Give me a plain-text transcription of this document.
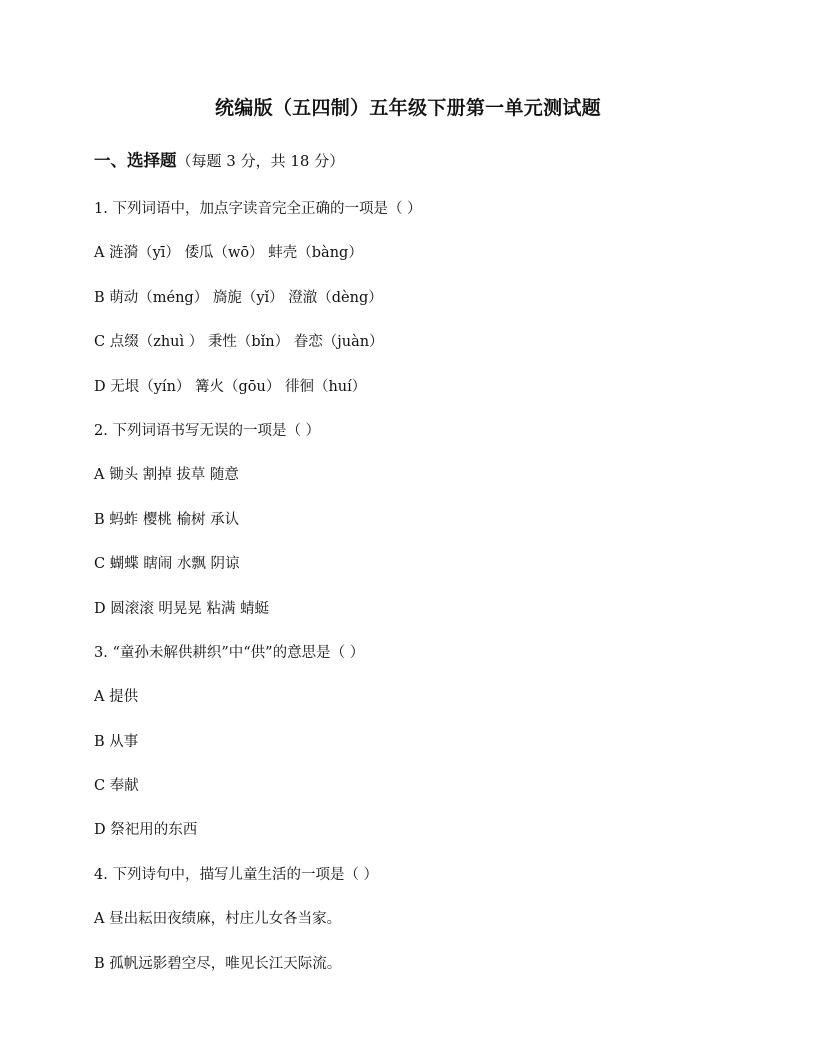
统编版（五四制）五年级下册第一单元测试题
一、选择题（每题 3 分，共 18 分）
1. 下列词语中，加点字读音完全正确的一项是（ ）
A 涟漪（yī） 倭瓜（wō） 蚌壳（bàng）
B 萌动（méng） 旖旎（yǐ） 澄澈（dèng）
C 点缀（zhuì ） 秉性（bǐn） 眷恋（juàn）
D 无垠（yín） 篝火（gōu） 徘徊（huí）
2. 下列词语书写无误的一项是（ ）
A 锄头 割掉 拔草 随意
B 蚂蚱 樱桃 榆树 承认
C 蝴蝶 瞎闹 水飘 阴谅
D 圆滚滚 明晃晃 粘满 蜻蜓
3. “童孙未解供耕织”中“供”的意思是（ ）
A 提供
B 从事
C 奉献
D 祭祀用的东西
4. 下列诗句中，描写儿童生活的一项是（ ）
A 昼出耘田夜绩麻，村庄儿女各当家。
B 孤帆远影碧空尽，唯见长江天际流。
